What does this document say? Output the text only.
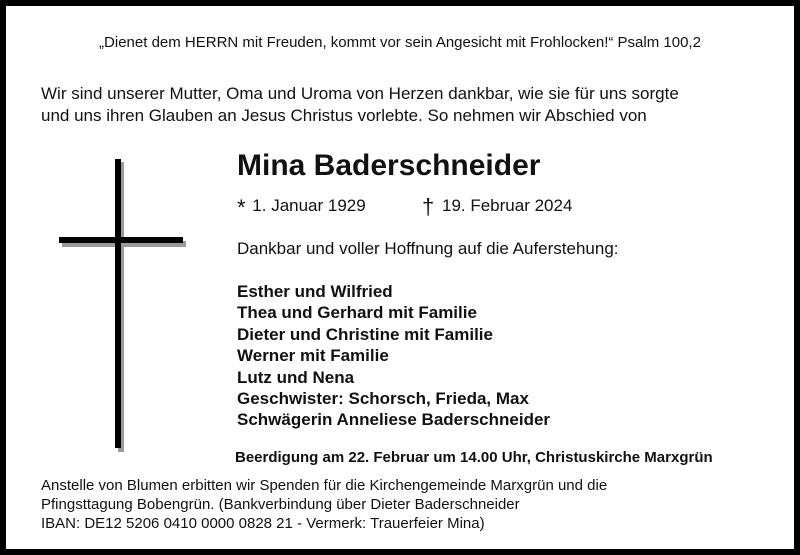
„Dienet dem HERRN mit Freuden, kommt vor sein Angesicht mit Frohlocken!“ Psalm 100,2
Wir sind unserer Mutter, Oma und Uroma von Herzen dankbar, wie sie für uns sorgte
und uns ihren Glauben an Jesus Christus vorlebte. So nehmen wir Abschied von
Mina Baderschneider
* 1. Januar 1929	† 19. Februar 2024
Dankbar und voller Hoffnung auf die Auferstehung:
Esther und Wilfried
Thea und Gerhard mit Familie
Dieter und Christine mit Familie
Werner mit Familie
Lutz und Nena
Geschwister: Schorsch, Frieda, Max
Schwägerin Anneliese Baderschneider
Beerdigung am 22. Februar um 14.00 Uhr, Christuskirche Marxgrün
Anstelle von Blumen erbitten wir Spenden für die Kirchengemeinde Marxgrün und die
Pfingsttagung Bobengrün. (Bankverbindung über Dieter Baderschneider
IBAN: DE12 5206 0410 0000 0828 21 - Vermerk: Trauerfeier Mina)
